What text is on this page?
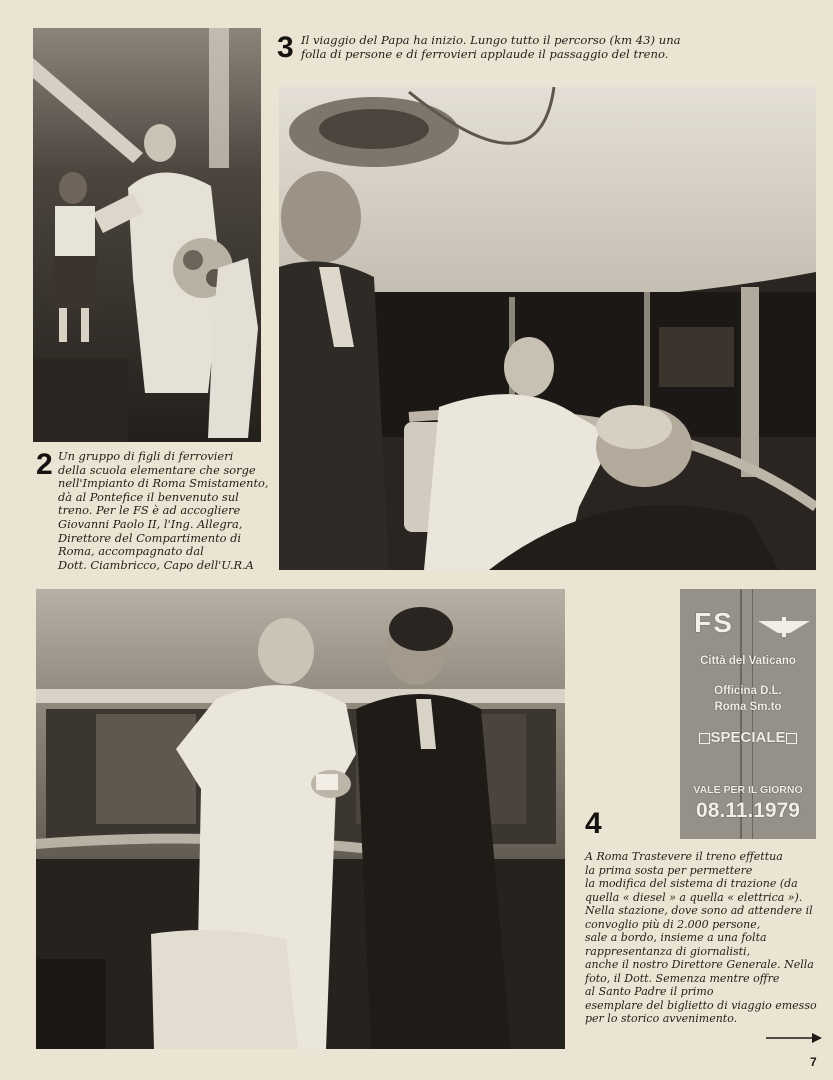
3 Il viaggio del Papa ha inizio. Lungo tutto il percorso (km 43) una folla di persone e di ferrovieri applaude il passaggio del treno.
2 Un gruppo di figli di ferrovieri
della scuola elementare che sorge
nell'Impianto di Roma Smistamento,
dà al Pontefice il benvenuto sul
treno. Per le FS è ad accogliere
Giovanni Paolo II, l'Ing. Allegra,
Direttore del Compartimento di
Roma, accompagnato dal
Dott. Ciambricco, Capo dell'U.R.A
FS
Città del Vaticano
Officina D.L.
Roma Sm.to
SPECIALE
VALE PER IL GIORNO
08.11.1979
4
A Roma Trastevere il treno effettua
la prima sosta per permettere
la modifica del sistema di trazione (da
quella « diesel » a quella « elettrica »).
Nella stazione, dove sono ad attendere il
convoglio più di 2.000 persone,
sale a bordo, insieme a una folta
rappresentanza di giornalisti,
anche il nostro Direttore Generale. Nella
foto, il Dott. Semenza mentre offre
al Santo Padre il primo
esemplare del biglietto di viaggio emesso
per lo storico avvenimento.
7
